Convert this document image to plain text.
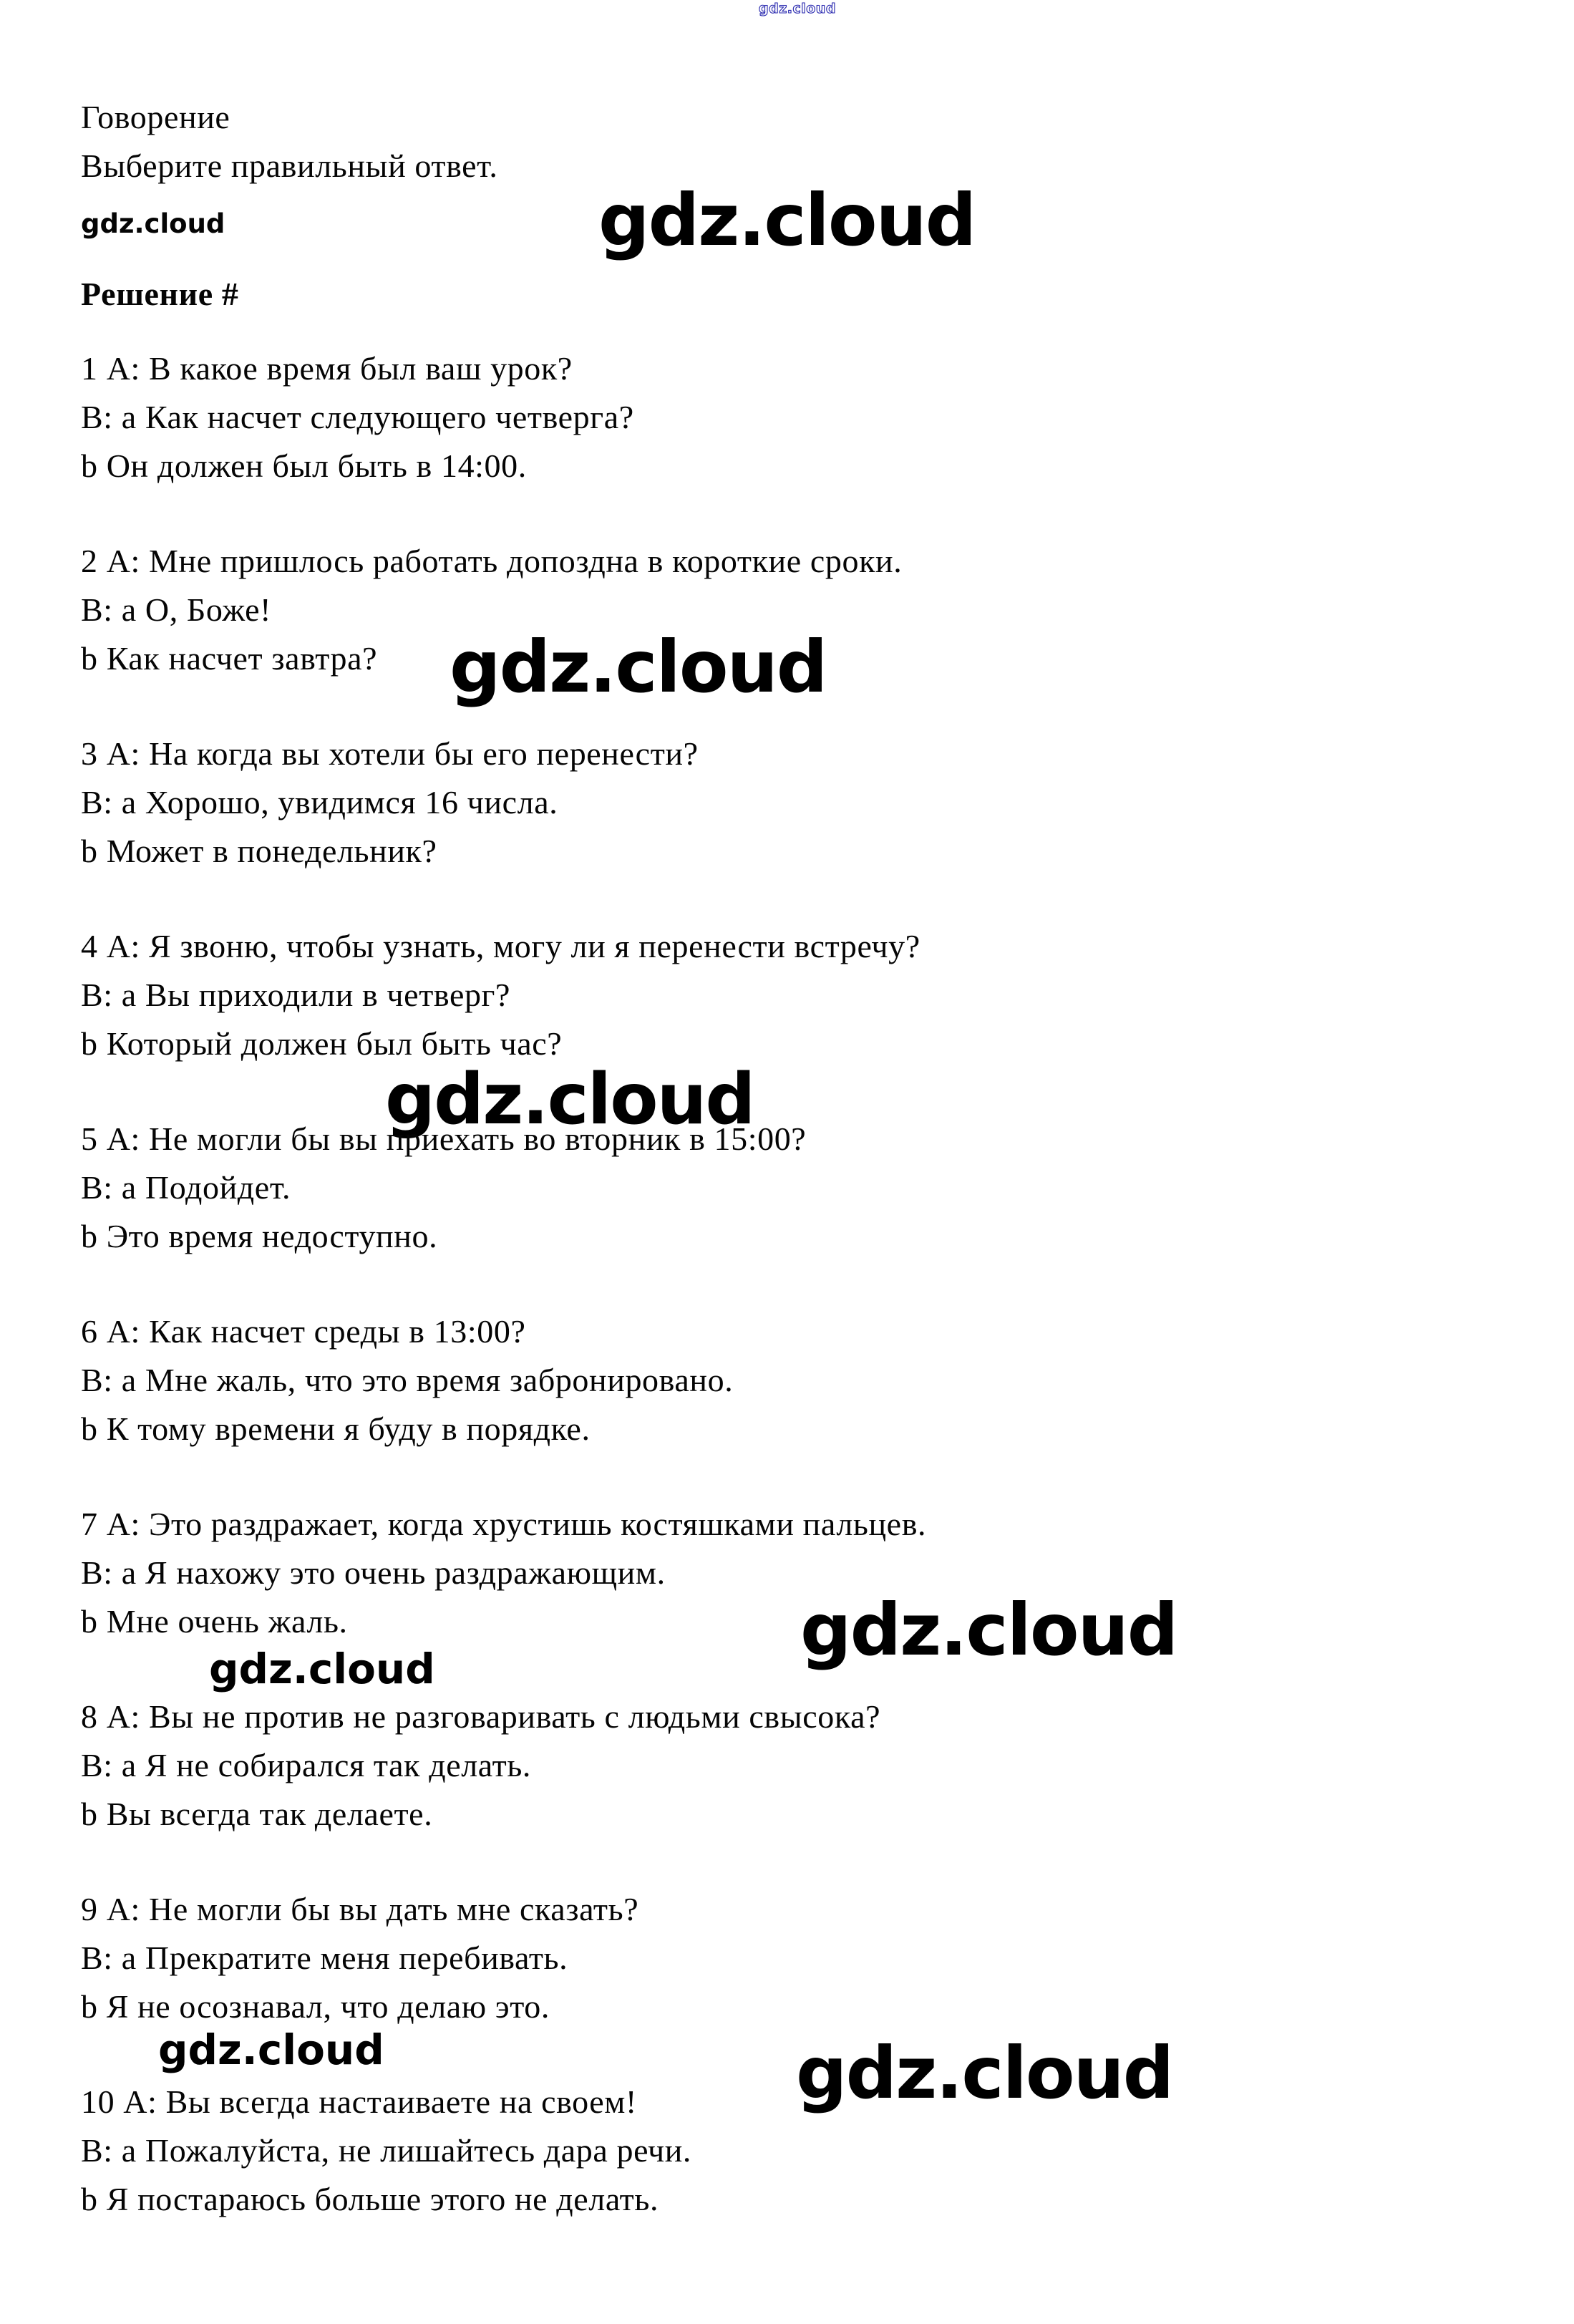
gdz.cloud
gdz.cloud
gdz.cloud
gdz.cloud
gdz.cloud	gdz.cloud
gdz.cloud	gdz.cloud

Говорение

Выберите правильный ответ.

gdz.cloud

Решение #

1 А: В какое время был ваш урок?

В: а Как насчет следующего четверга?

b Он должен был быть в 14:00.

2 А: Мне пришлось работать допоздна в короткие сроки.

В: а О, Боже!

b Как насчет завтра?

3 А: На когда вы хотели бы его перенести?

В: а Хорошо, увидимся 16 числа.

b Может в понедельник?

4 А: Я звоню, чтобы узнать, могу ли я перенести встречу?

В: а Вы приходили в четверг?

b Который должен был быть час?

5 А: Не могли бы вы приехать во вторник в 15:00?

В: а Подойдет.

b Это время недоступно.

6 А: Как насчет среды в 13:00?

В: а Мне жаль, что это время забронировано.

b К тому времени я буду в порядке.

7 А: Это раздражает, когда хрустишь костяшками пальцев.

В: а Я нахожу это очень раздражающим.

b Мне очень жаль.

8 А: Вы не против не разговаривать с людьми свысока?

В: а Я не собирался так делать.

b Вы всегда так делаете.

9 А: Не могли бы вы дать мне сказать?

В: а Прекратите меня перебивать.

b Я не осознавал, что делаю это.

10 А: Вы всегда настаиваете на своем!

В: а Пожалуйста, не лишайтесь дара речи.

b Я постараюсь больше этого не делать.
